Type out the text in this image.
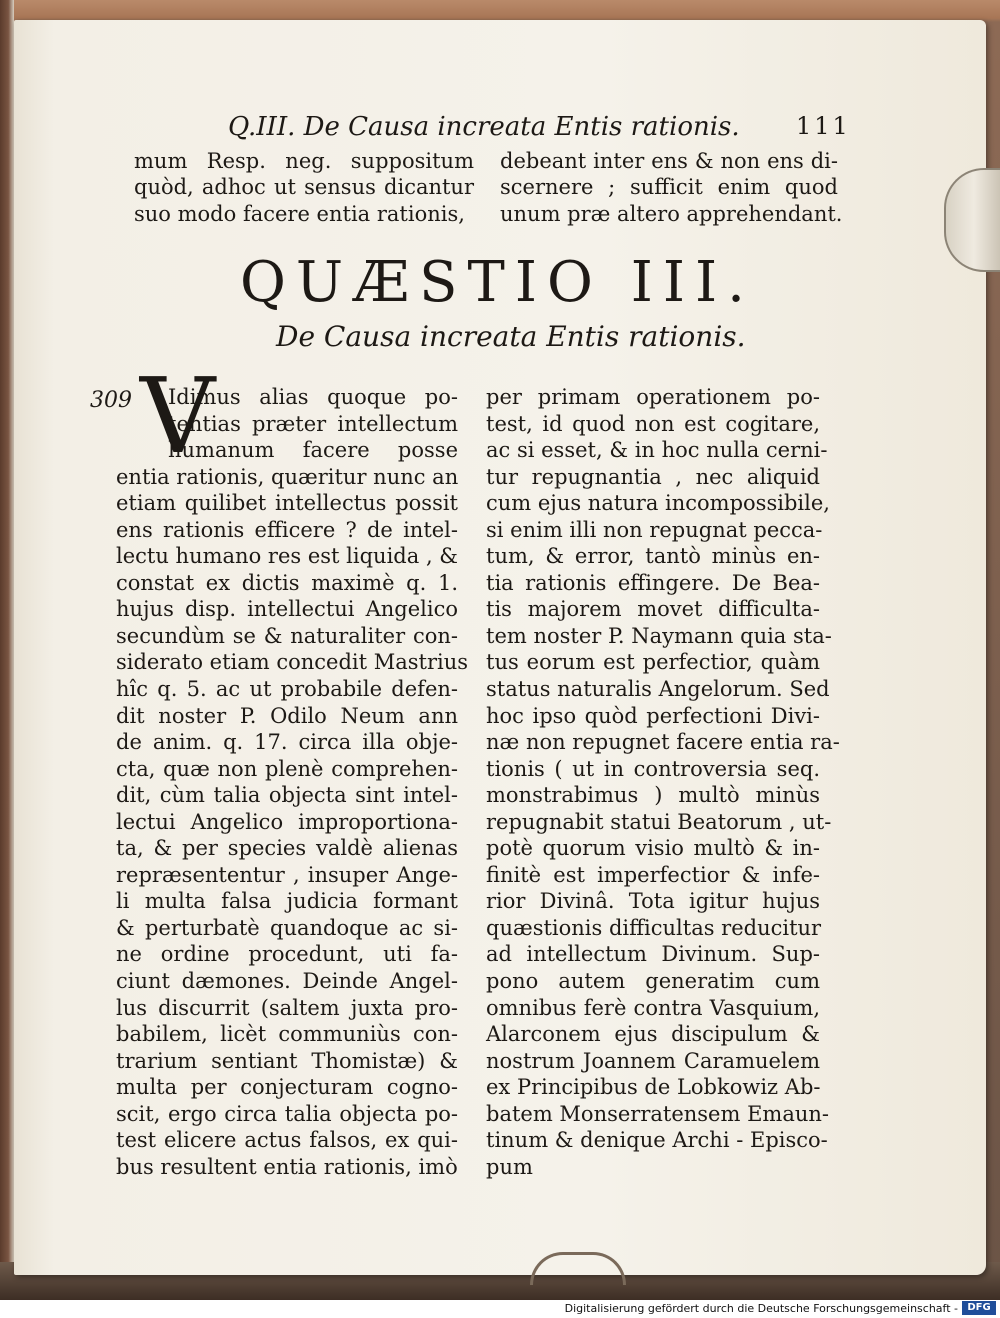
Q.III. De Causa increata Entis rationis. 111
mum Resp. neg. suppositum
quòd, adhoc ut sensus dicantur
suo modo facere entia rationis,
debeant inter ens & non ens di-
scernere ; sufficit enim quod
unum præ altero apprehendant.
QUÆSTIO III.
De Causa increata Entis rationis.
309 V
Idimus alias quoque po-
tentias præter intellectum
humanum facere posse
entia rationis, quæritur nunc an
etiam quilibet intellectus possit
ens rationis efficere ? de intel-
lectu humano res est liquida , &
constat ex dictis maximè q. 1.
hujus disp. intellectui Angelico
secundùm se & naturaliter con-
siderato etiam concedit Mastrius
hîc q. 5. ac ut probabile defen-
dit noster P. Odilo Neum ann
de anim. q. 17. circa illa obje-
cta, quæ non plenè comprehen-
dit, cùm talia objecta sint intel-
lectui Angelico improportiona-
ta, & per species valdè alienas
repræsententur , insuper Ange-
li multa falsa judicia formant
& perturbatè quandoque ac si-
ne ordine procedunt, uti fa-
ciunt dæmones. Deinde Angel-
lus discurrit (saltem juxta pro-
babilem, licèt communiùs con-
trarium sentiant Thomistæ) &
multa per conjecturam cogno-
scit, ergo circa talia objecta po-
test elicere actus falsos, ex qui-
bus resultent entia rationis, imò
per primam operationem po-
test, id quod non est cogitare,
ac si esset, & in hoc nulla cerni-
tur repugnantia , nec aliquid
cum ejus natura incompossibile,
si enim illi non repugnat pecca-
tum, & error, tantò minùs en-
tia rationis effingere. De Bea-
tis majorem movet difficulta-
tem noster P. Naymann quia sta-
tus eorum est perfectior, quàm
status naturalis Angelorum. Sed
hoc ipso quòd perfectioni Divi-
næ non repugnet facere entia ra-
tionis ( ut in controversia seq.
monstrabimus ) multò minùs
repugnabit statui Beatorum , ut-
potè quorum visio multò & in-
finitè est imperfectior & infe-
rior Divinâ. Tota igitur hujus
quæstionis difficultas reducitur
ad intellectum Divinum. Sup-
pono autem generatim cum
omnibus ferè contra Vasquium,
Alarconem ejus discipulum &
nostrum Joannem Caramuelem
ex Principibus de Lobkowiz Ab-
batem Monserratensem Emaun-
tinum & denique Archi - Episco-
pum
Digitalisierung gefördert durch die Deutsche Forschungsgemeinschaft - DFG
